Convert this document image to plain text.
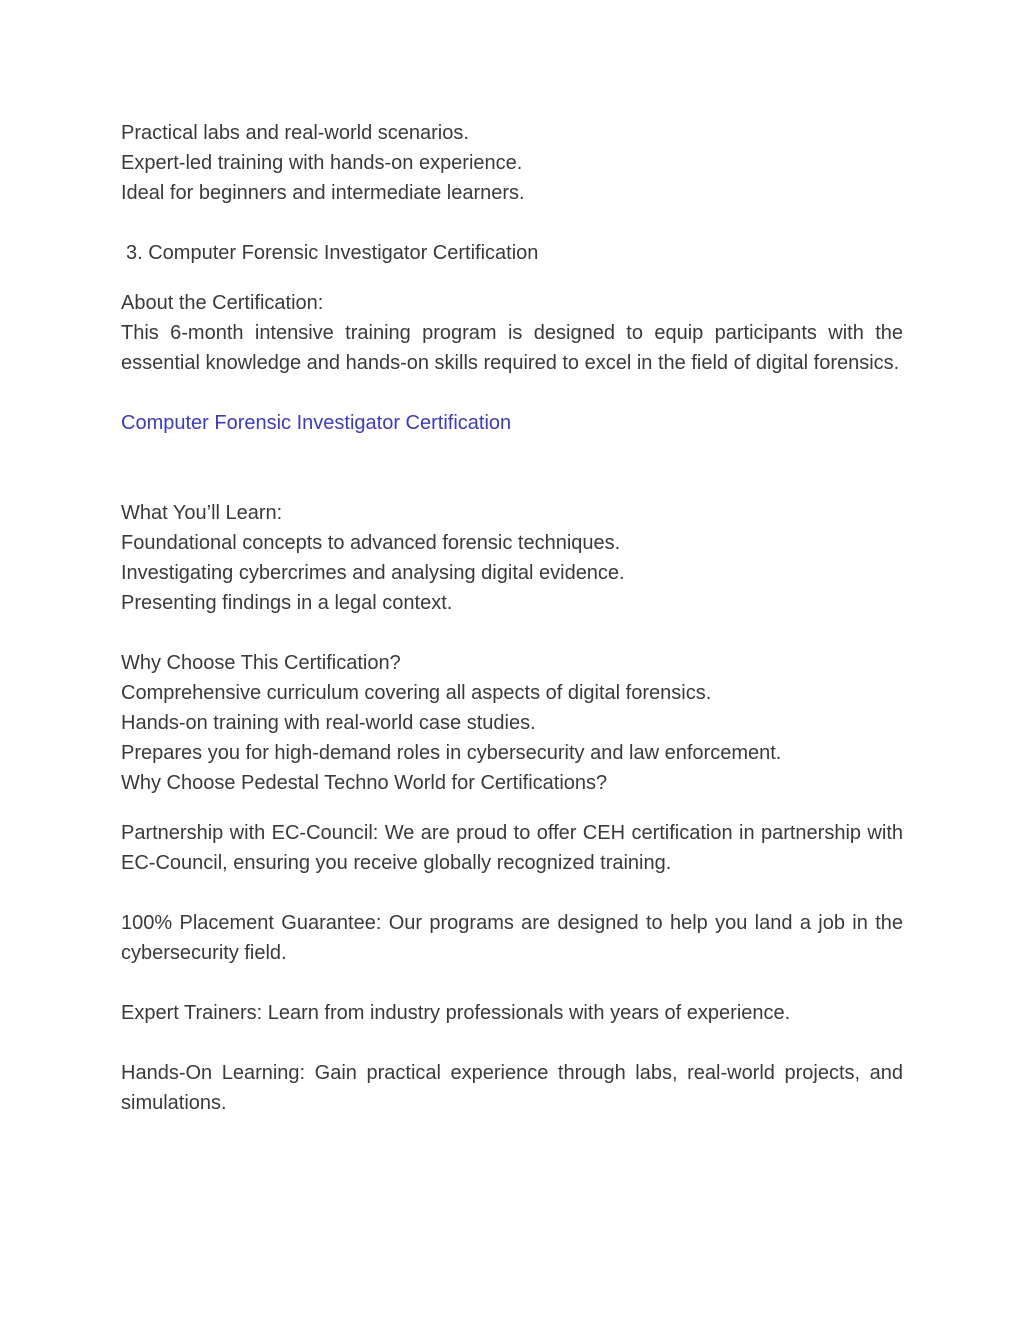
Practical labs and real-world scenarios.
Expert-led training with hands-on experience.
Ideal for beginners and intermediate learners.
3. Computer Forensic Investigator Certification
About the Certification:
This 6-month intensive training program is designed to equip participants with the essential knowledge and hands-on skills required to excel in the field of digital forensics.
Computer Forensic Investigator Certification
What You’ll Learn:
Foundational concepts to advanced forensic techniques.
Investigating cybercrimes and analysing digital evidence.
Presenting findings in a legal context.
Why Choose This Certification?
Comprehensive curriculum covering all aspects of digital forensics.
Hands-on training with real-world case studies.
Prepares you for high-demand roles in cybersecurity and law enforcement.
Why Choose Pedestal Techno World for Certifications?
Partnership with EC-Council: We are proud to offer CEH certification in partnership with EC-Council, ensuring you receive globally recognized training.
100% Placement Guarantee: Our programs are designed to help you land a job in the cybersecurity field.
Expert Trainers: Learn from industry professionals with years of experience.
Hands-On Learning: Gain practical experience through labs, real-world projects, and simulations.
